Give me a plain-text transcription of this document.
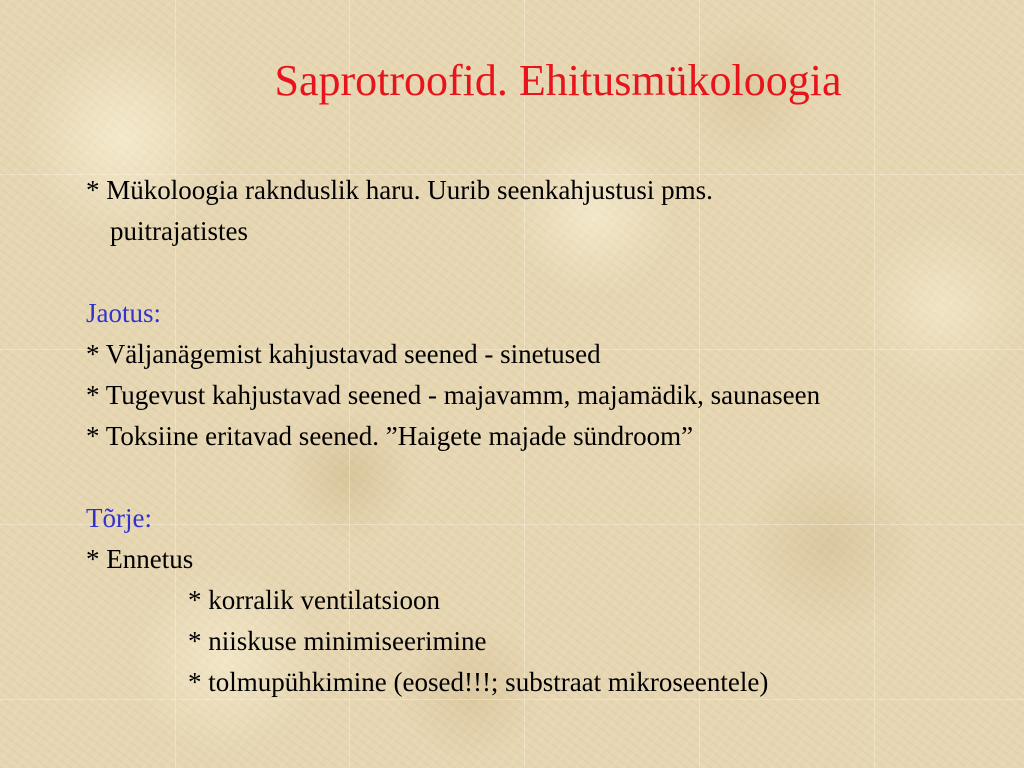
Saprotroofid. Ehitusmükoloogia
* Mükoloogia raknduslik haru. Uurib seenkahjustusi pms.
puitrajatistes
Jaotus:
* Väljanägemist kahjustavad seened - sinetused
* Tugevust kahjustavad seened - majavamm, majamädik, saunaseen
* Toksiine eritavad seened. ”Haigete majade sündroom”
Tõrje:
* Ennetus
* korralik ventilatsioon
* niiskuse minimiseerimine
* tolmupühkimine (eosed!!!; substraat mikroseentele)
